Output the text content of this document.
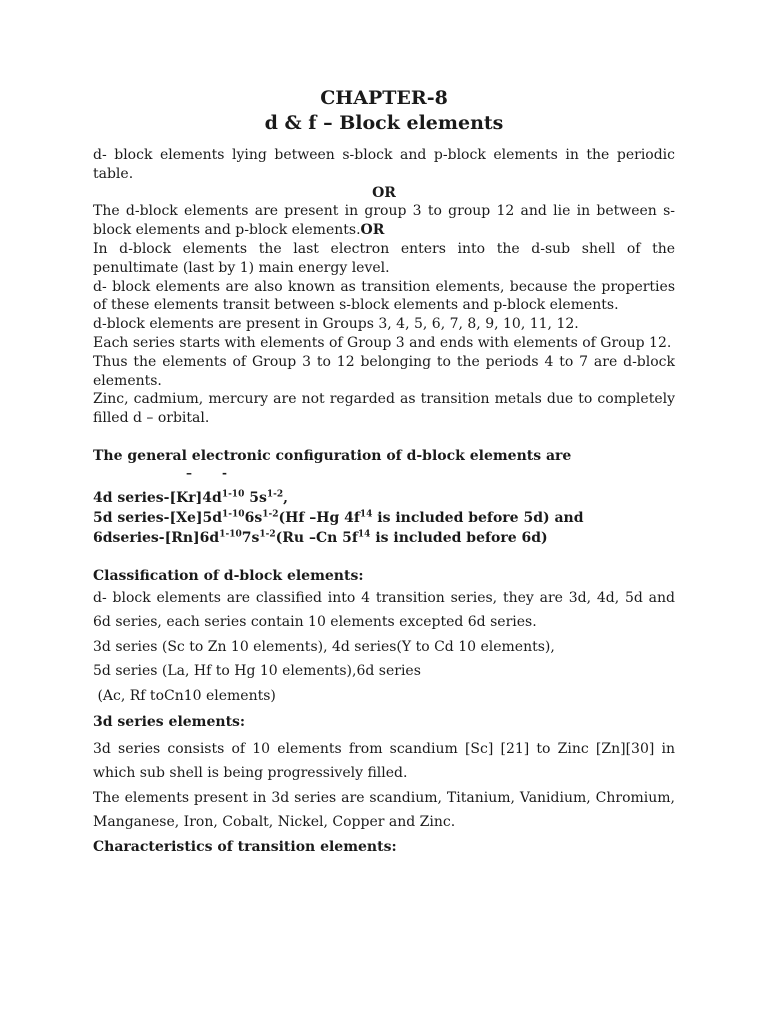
CHAPTER-8
d & f – Block elements
d- block elements lying between s-block and p-block elements in the periodic table.
OR
The d-block elements are present in group 3 to group 12 and lie in between s-block elements and p-block elements.OR
In d-block elements the last electron enters into the d-sub shell of the penultimate (last by 1) main energy level.
d- block elements are also known as transition elements, because the properties of these elements transit between s-block elements and p-block elements.
d-block elements are present in Groups 3, 4, 5, 6, 7, 8, 9, 10, 11, 12.
Each series starts with elements of Group 3 and ends with elements of Group 12.
Thus the elements of Group 3 to 12 belonging to the periods 4 to 7 are d-block elements.
Zinc, cadmium, mercury are not regarded as transition metals due to completely filled d – orbital.
The general electronic configuration of d-block elements are
–	-
4d series-$[Kr]4d^{1-10}$ $5s^{1-2}$,
5d series-$[Xe]5d^{1-10}6s^{1-2}(Hf$ –Hg $4f^{14}$ is included before 5d) and
$6dseries-[Rn]6d^{1-10}7s^{1-2}(Ru$ –Cn $5f^{14}$ is included before 6d)
Classification of d-block elements:
d- block elements are classified into 4 transition series, they are 3d, 4d, 5d and 6d series, each series contain 10 elements excepted 6d series.
3d series (Sc to Zn 10 elements), 4d series(Y to Cd 10 elements),
5d series (La, Hf to Hg 10 elements),6d series
(Ac, Rf toCn10 elements)
3d series elements:
3d series consists of 10 elements from scandium [Sc] [21] to Zinc [Zn][30] in which sub shell is being progressively filled.
The elements present in 3d series are scandium, Titanium, Vanidium, Chromium, Manganese, Iron, Cobalt, Nickel, Copper and Zinc.
Characteristics of transition elements:
